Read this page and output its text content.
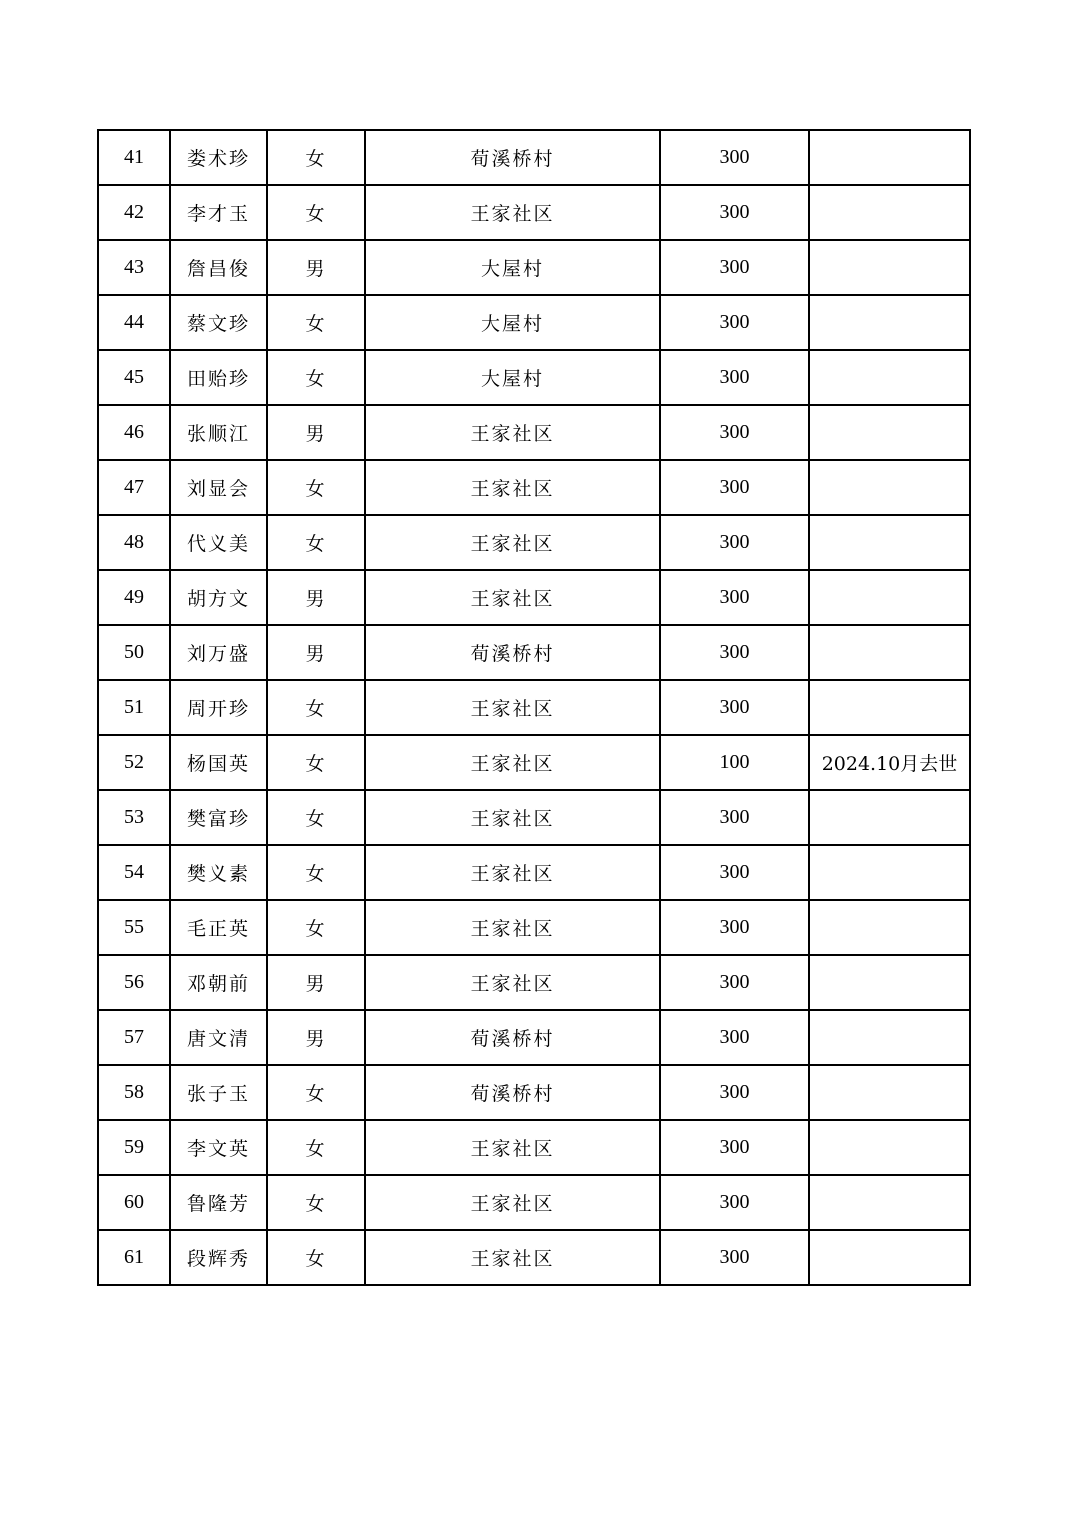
41	娄术珍	女	荀溪桥村	300	
42	李才玉	女	王家社区	300	
43	詹昌俊	男	大屋村	300	
44	蔡文珍	女	大屋村	300	
45	田贻珍	女	大屋村	300	
46	张顺江	男	王家社区	300	
47	刘显会	女	王家社区	300	
48	代义美	女	王家社区	300	
49	胡方文	男	王家社区	300	
50	刘万盛	男	荀溪桥村	300	
51	周开珍	女	王家社区	300	
52	杨国英	女	王家社区	100	2024.10月去世
53	樊富珍	女	王家社区	300	
54	樊义素	女	王家社区	300	
55	毛正英	女	王家社区	300	
56	邓朝前	男	王家社区	300	
57	唐文清	男	荀溪桥村	300	
58	张子玉	女	荀溪桥村	300	
59	李文英	女	王家社区	300	
60	鲁隆芳	女	王家社区	300	
61	段辉秀	女	王家社区	300	
